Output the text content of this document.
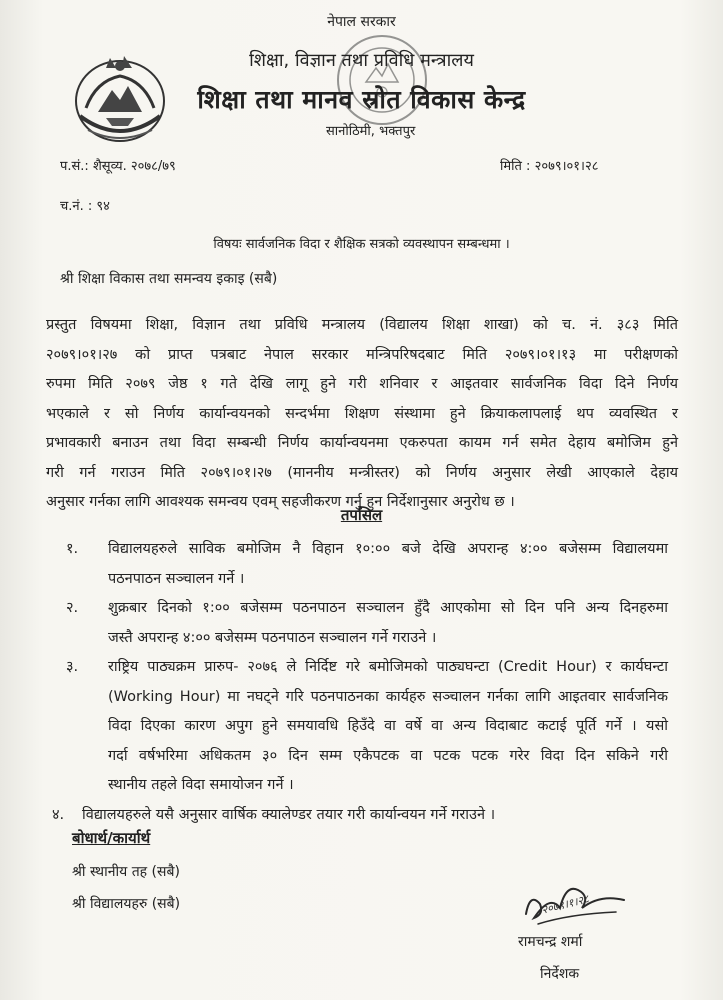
नेपाल सरकार
शिक्षा, विज्ञान तथा प्रविधि मन्त्रालय
शिक्षा तथा मानव स्रोत विकास केन्द्र
सानोठिमी, भक्तपुर
प.सं.: शैसूव्य. २०७८/७९	मिति : २०७९।०१।२८
च.नं. : ९४
विषयः सार्वजनिक विदा र शैक्षिक सत्रको व्यवस्थापन सम्बन्धमा ।
श्री शिक्षा विकास तथा समन्वय इकाइ (सबै)
प्रस्तुत विषयमा शिक्षा, विज्ञान तथा प्रविधि मन्त्रालय (विद्यालय शिक्षा शाखा) को च. नं. ३८३ मिति
२०७९।०१।२७ को प्राप्त पत्रबाट नेपाल सरकार मन्त्रिपरिषदबाट मिति २०७९।०१।१३ मा परीक्षणको
रुपमा मिति २०७९ जेष्ठ १ गते देखि लागू हुने गरी शनिवार र आइतवार सार्वजनिक विदा दिने निर्णय
भएकाले र सो निर्णय कार्यान्वयनको सन्दर्भमा शिक्षण संस्थामा हुने क्रियाकलापलाई थप व्यवस्थित र
प्रभावकारी बनाउन तथा विदा सम्बन्धी निर्णय कार्यान्वयनमा एकरुपता कायम गर्न समेत देहाय बमोजिम हुने
गरी गर्न गराउन मिति २०७९।०१।२७ (माननीय मन्त्रीस्तर) को निर्णय अनुसार लेखी आएकाले देहाय
अनुसार गर्नका लागि आवश्यक समन्वय एवम् सहजीकरण गर्नु हुन निर्देशानुसार अनुरोध छ ।
तपसिल
१. विद्यालयहरुले साविक बमोजिम नै विहान १०:०० बजे देखि अपरान्ह ४:०० बजेसम्म विद्यालयमा
पठनपाठन सञ्चालन गर्ने ।
२. शुक्रबार दिनको १:०० बजेसम्म पठनपाठन सञ्चालन हुँदै आएकोमा सो दिन पनि अन्य दिनहरुमा
जस्तै अपरान्ह ४:०० बजेसम्म पठनपाठन सञ्चालन गर्ने गराउने ।
३. राष्ट्रिय पाठ्यक्रम प्रारुप- २०७६ ले निर्दिष्ट गरे बमोजिमको पाठ्यघन्टा (Credit Hour) र कार्यघन्टा
(Working Hour) मा नघट्ने गरि पठनपाठनका कार्यहरु सञ्चालन गर्नका लागि आइतवार सार्वजनिक
विदा दिएका कारण अपुग हुने समयावधि हिउँदे वा वर्षे वा अन्य विदाबाट कटाई पूर्ति गर्ने । यसो
गर्दा वर्षभरिमा अधिकतम ३० दिन सम्म एकैपटक वा पटक पटक गरेर विदा दिन सकिने गरी
स्थानीय तहले विदा समायोजन गर्ने ।
४. विद्यालयहरुले यसै अनुसार वार्षिक क्यालेण्डर तयार गरी कार्यान्वयन गर्ने गराउने ।
बोधार्थ/कार्यार्थ
श्री स्थानीय तह (सबै)
श्री विद्यालयहरु (सबै)	२०७९।१।२८
रामचन्द्र शर्मा
निर्देशक
